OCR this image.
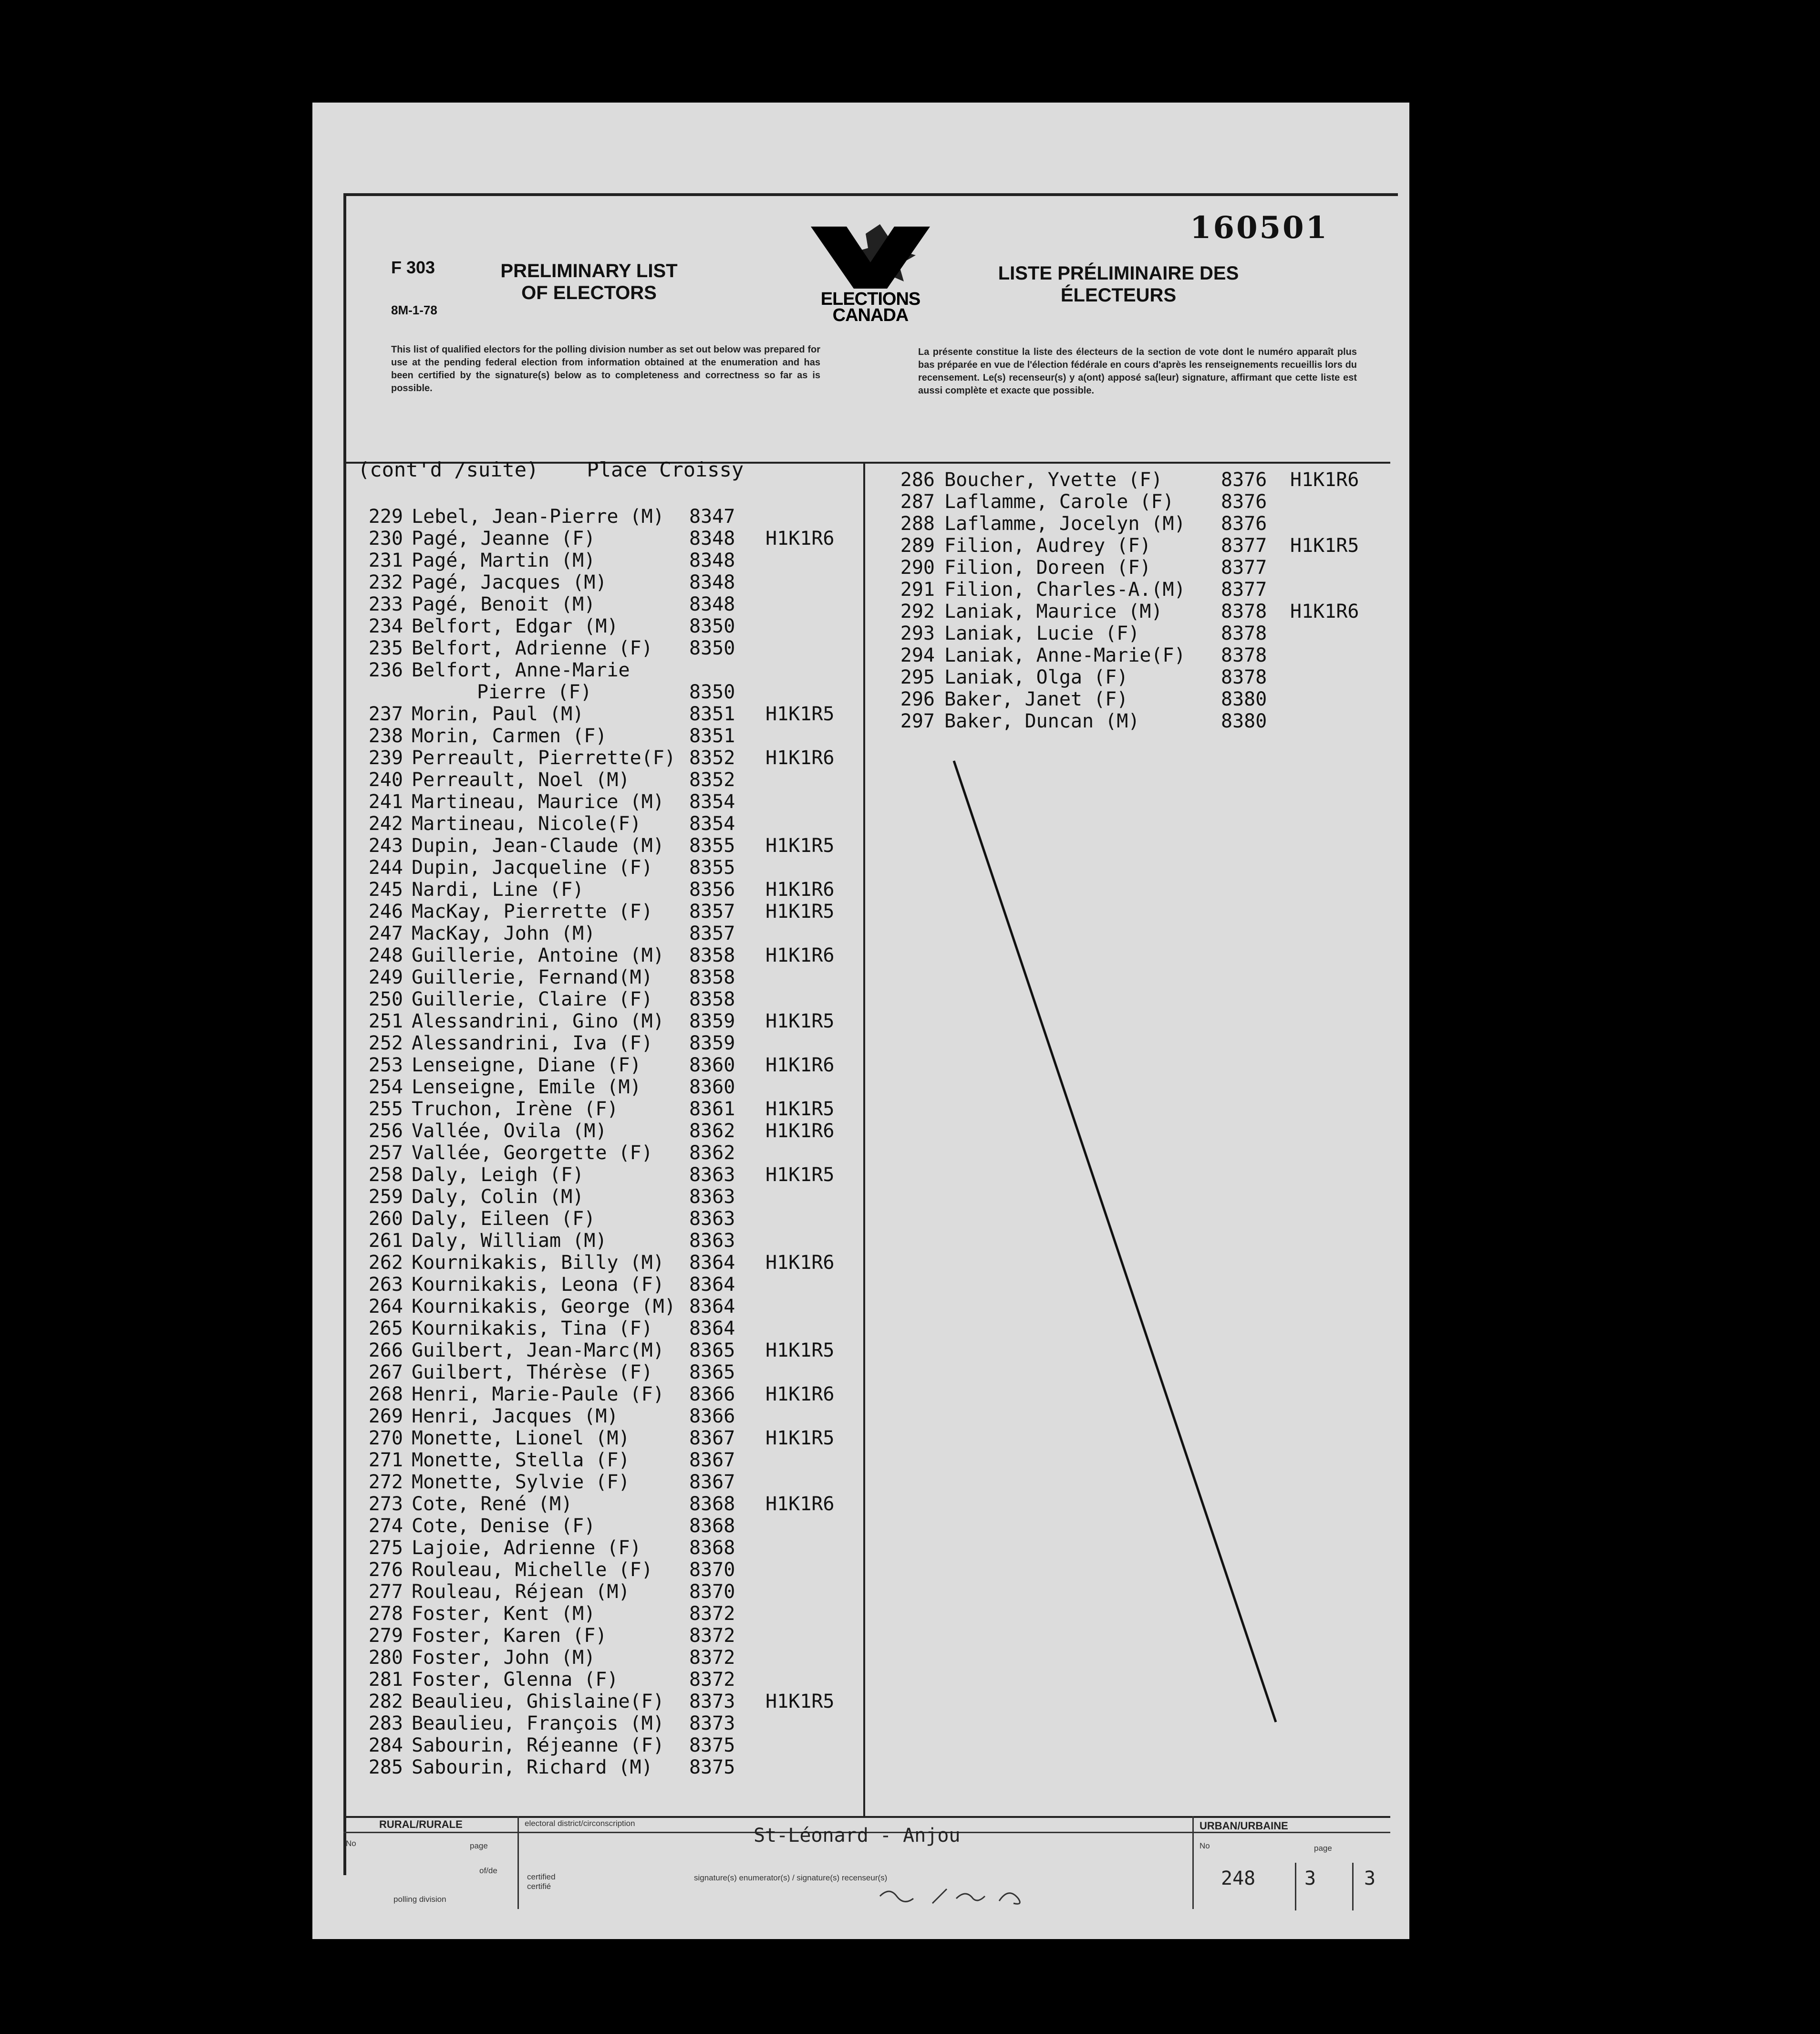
F 303
8M-1-78
PRELIMINARY LIST OF ELECTORS	ELECTIONS CANADA
160501
LISTE PRÉLIMINAIRE DES ÉLECTEURS
This list of qualified electors for the polling division number as set out below was prepared for use at the pending federal election from information obtained at the enumeration and has been certified by the signature(s) below as to completeness and correctness so far as is possible.
La présente constitue la liste des électeurs de la section de vote dont le numéro apparaît plus bas préparée en vue de l'élection fédérale en cours d'après les renseignements recueillis lors du recensement. Le(s) recenseur(s) y a(ont) apposé sa(leur) signature, affirmant que cette liste est aussi complète et exacte que possible.
(cont'd /suite)    Place Croissy
229 Lebel, Jean-Pierre (M) 8347
230 Pagé, Jeanne (F)	8348 H1K1R6
231 Pagé, Martin (M)	8348
232 Pagé, Jacques (M)	8348
233 Pagé, Benoit (M)	8348
234 Belfort, Edgar (M)	8350
235 Belfort, Adrienne (F) 8350
236 Belfort, Anne-Marie
Pierre (F)	8350
237 Morin, Paul (M)	8351 H1K1R5
238 Morin, Carmen (F)	8351
239 Perreault, Pierrette(F) 8352 H1K1R6
240 Perreault, Noel (M)	8352
241 Martineau, Maurice (M) 8354
242 Martineau, Nicole(F)	8354
243 Dupin, Jean-Claude (M) 8355 H1K1R5
244 Dupin, Jacqueline (F) 8355
245 Nardi, Line (F)	8356 H1K1R6
246 MacKay, Pierrette (F) 8357 H1K1R5
247 MacKay, John (M)	8357
248 Guillerie, Antoine (M) 8358 H1K1R6
249 Guillerie, Fernand(M) 8358
250 Guillerie, Claire (F) 8358
251 Alessandrini, Gino (M) 8359 H1K1R5
252 Alessandrini, Iva (F) 8359
253 Lenseigne, Diane (F)	8360 H1K1R6
254 Lenseigne, Emile (M)	8360
255 Truchon, Irène (F)	8361 H1K1R5
256 Vallée, Ovila (M)	8362 H1K1R6
257 Vallée, Georgette (F) 8362
258 Daly, Leigh (F)	8363 H1K1R5
259 Daly, Colin (M)	8363
260 Daly, Eileen (F)	8363
261 Daly, William (M)	8363
262 Kournikakis, Billy (M) 8364 H1K1R6
263 Kournikakis, Leona (F) 8364
264 Kournikakis, George (M) 8364
265 Kournikakis, Tina (F) 8364
266 Guilbert, Jean-Marc(M) 8365 H1K1R5
267 Guilbert, Thérèse (F) 8365
268 Henri, Marie-Paule (F) 8366 H1K1R6
269 Henri, Jacques (M)	8366
270 Monette, Lionel (M)	8367 H1K1R5
271 Monette, Stella (F)	8367
272 Monette, Sylvie (F)	8367
273 Cote, René (M)	8368 H1K1R6
274 Cote, Denise (F)	8368
275 Lajoie, Adrienne (F)	8368
276 Rouleau, Michelle (F) 8370
277 Rouleau, Réjean (M)	8370
278 Foster, Kent (M)	8372
279 Foster, Karen (F)	8372
280 Foster, John (M)	8372
281 Foster, Glenna (F)	8372
282 Beaulieu, Ghislaine(F) 8373 H1K1R5
283 Beaulieu, François (M) 8373
284 Sabourin, Réjeanne (F) 8375
285 Sabourin, Richard (M) 8375
286 Boucher, Yvette (F)	8376 H1K1R6
287 Laflamme, Carole (F) 8376
288 Laflamme, Jocelyn (M) 8376
289 Filion, Audrey (F)	8377 H1K1R5
290 Filion, Doreen (F)	8377
291 Filion, Charles-A.(M) 8377
292 Laniak, Maurice (M)	8378 H1K1R6
293 Laniak, Lucie (F)	8378
294 Laniak, Anne-Marie(F) 8378
295 Laniak, Olga (F)	8378
296 Baker, Janet (F)	8380
297 Baker, Duncan (M)	8380
RURAL/RURALE
No	page
of/de
polling division
electoral district/circonscription
St-Léonard - Anjou
certified certifié
signature(s) enumerator(s) / signature(s) recenseur(s)
URBAN/URBAINE
No	page
248	3	3
